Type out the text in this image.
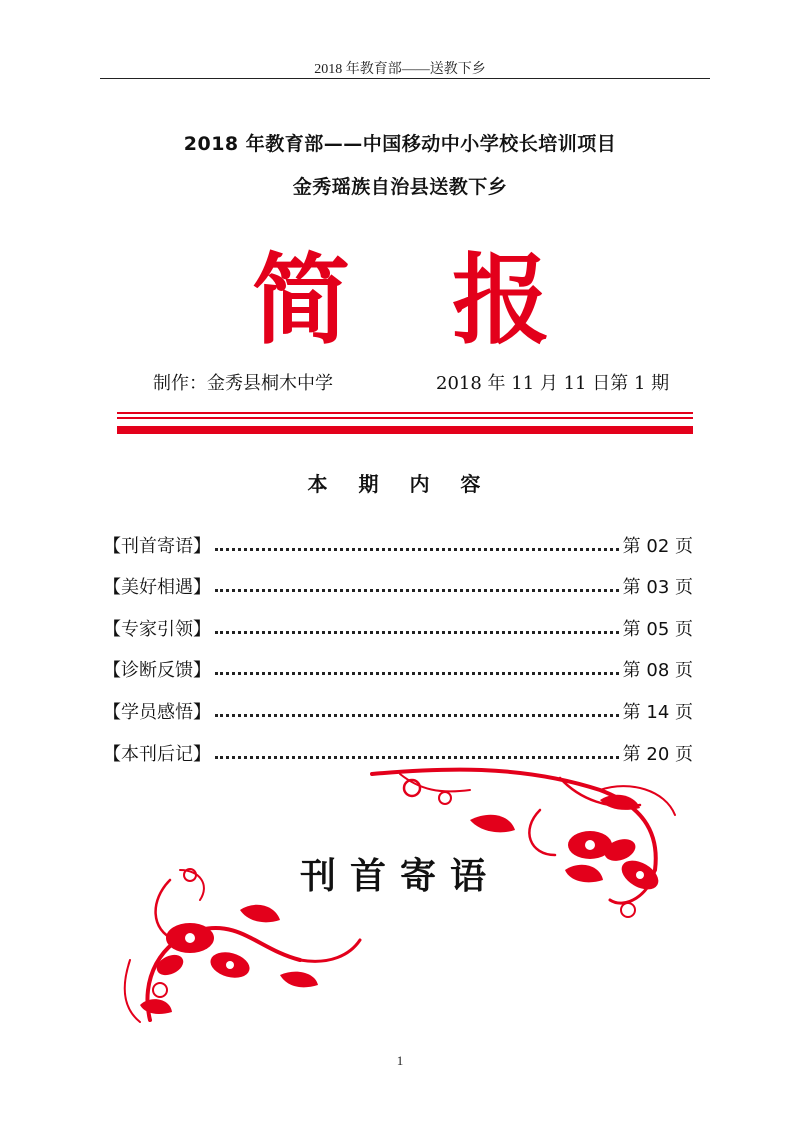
2018 年教育部——送教下乡
2018 年教育部——中国移动中小学校长培训项目
金秀瑶族自治县送教下乡
简 报
制作：金秀县桐木中学	2018 年 11 月 11 日第 1 期
本 期 内 容
【刊首寄语】	第 02 页
【美好相遇】	第 03 页
【专家引领】	第 05 页
【诊断反馈】	第 08 页
【学员感悟】	第 14 页
【本刊后记】	第 20 页
刊首寄语
1
